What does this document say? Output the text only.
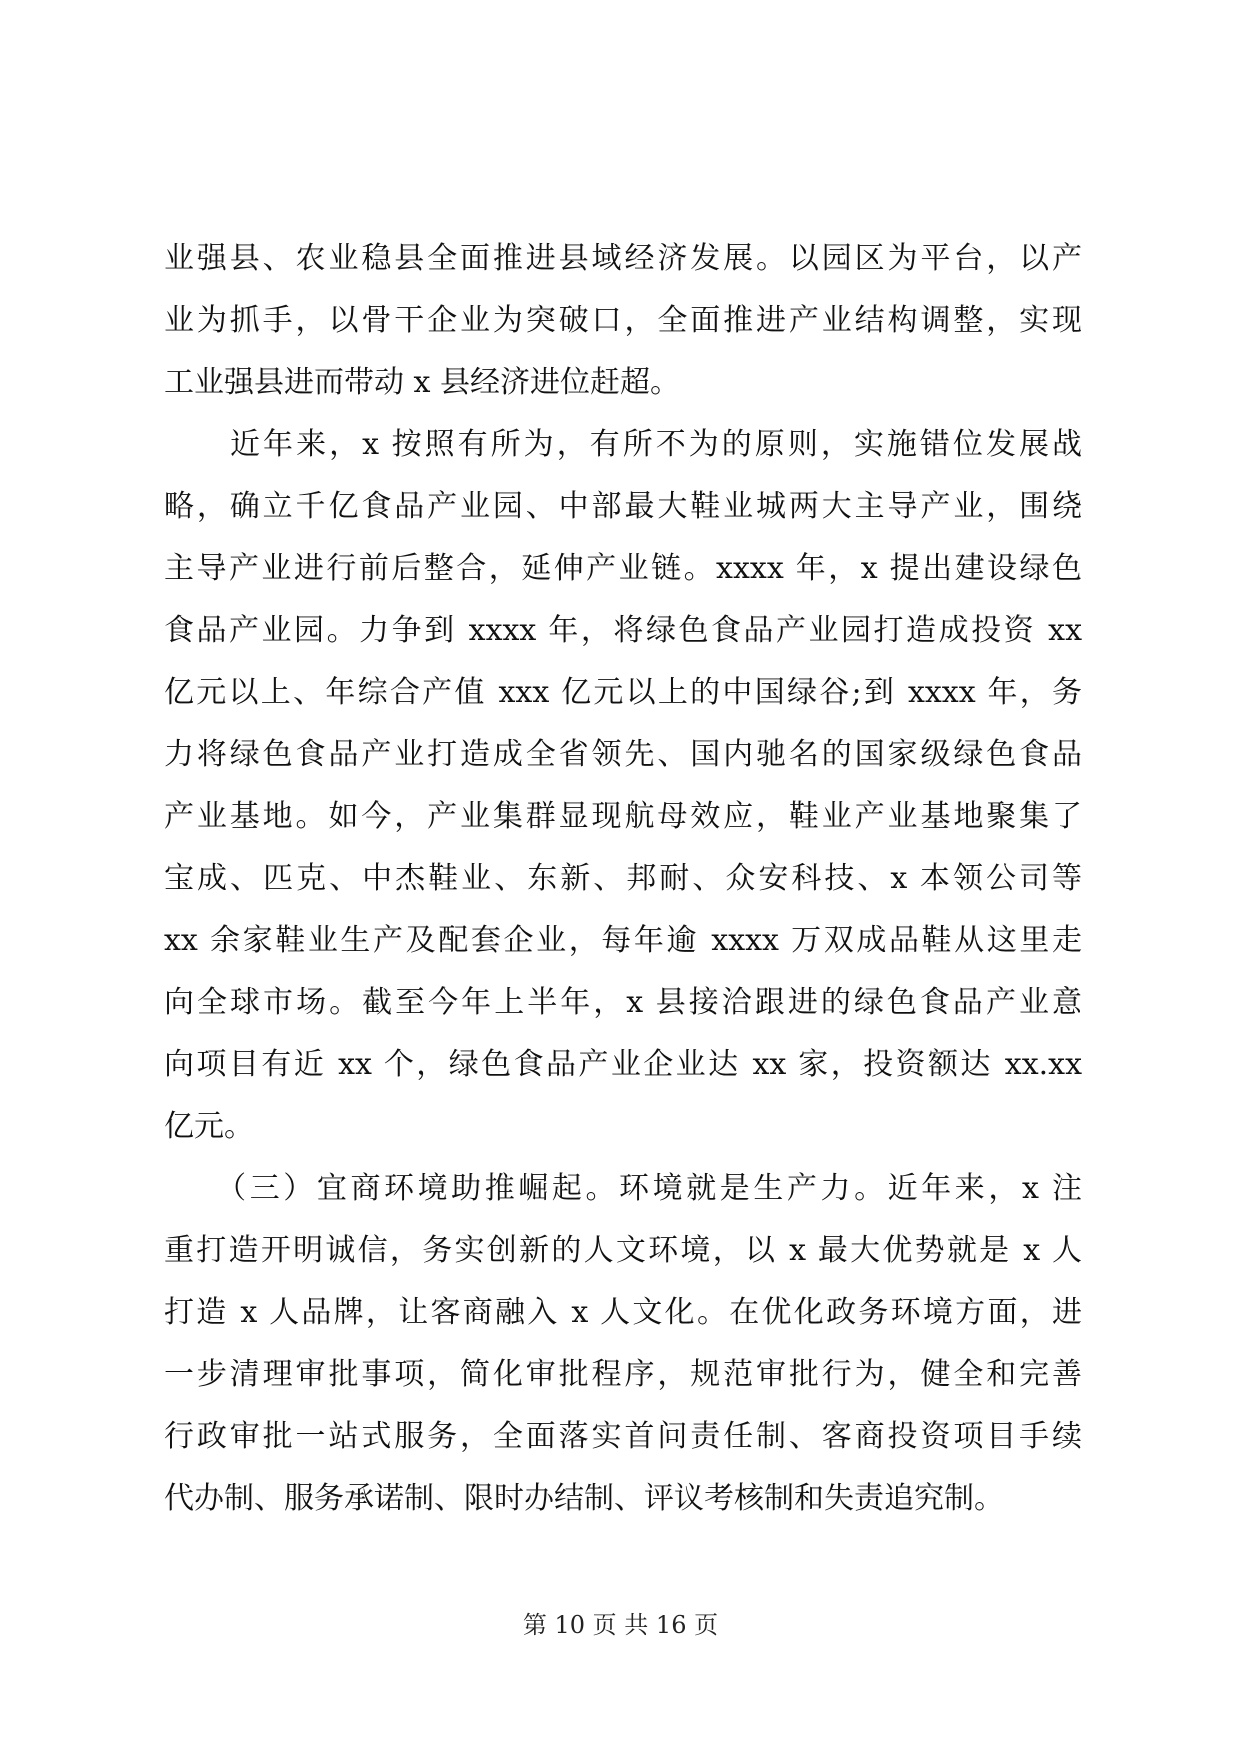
业强县、农业稳县全面推进县域经济发展。以园区为平台，以产
业为抓手，以骨干企业为突破口，全面推进产业结构调整，实现
工业强县进而带动 x 县经济进位赶超。
　　近年来，x 按照有所为，有所不为的原则，实施错位发展战
略，确立千亿食品产业园、中部最大鞋业城两大主导产业，围绕
主导产业进行前后整合，延伸产业链。xxxx 年，x 提出建设绿色
食品产业园。力争到 xxxx 年，将绿色食品产业园打造成投资 xx
亿元以上、年综合产值 xxx 亿元以上的中国绿谷;到 xxxx 年，务
力将绿色食品产业打造成全省领先、国内驰名的国家级绿色食品
产业基地。如今，产业集群显现航母效应，鞋业产业基地聚集了
宝成、匹克、中杰鞋业、东新、邦耐、众安科技、x 本领公司等
xx 余家鞋业生产及配套企业，每年逾 xxxx 万双成品鞋从这里走
向全球市场。截至今年上半年，x 县接洽跟进的绿色食品产业意
向项目有近 xx 个，绿色食品产业企业达 xx 家，投资额达 xx.xx
亿元。
　　（三）宜商环境助推崛起。环境就是生产力。近年来，x 注
重打造开明诚信，务实创新的人文环境，以 x 最大优势就是 x 人
打造 x 人品牌，让客商融入 x 人文化。在优化政务环境方面，进
一步清理审批事项，简化审批程序，规范审批行为，健全和完善
行政审批一站式服务，全面落实首问责任制、客商投资项目手续
代办制、服务承诺制、限时办结制、评议考核制和失责追究制。
第 10 页 共 16 页
